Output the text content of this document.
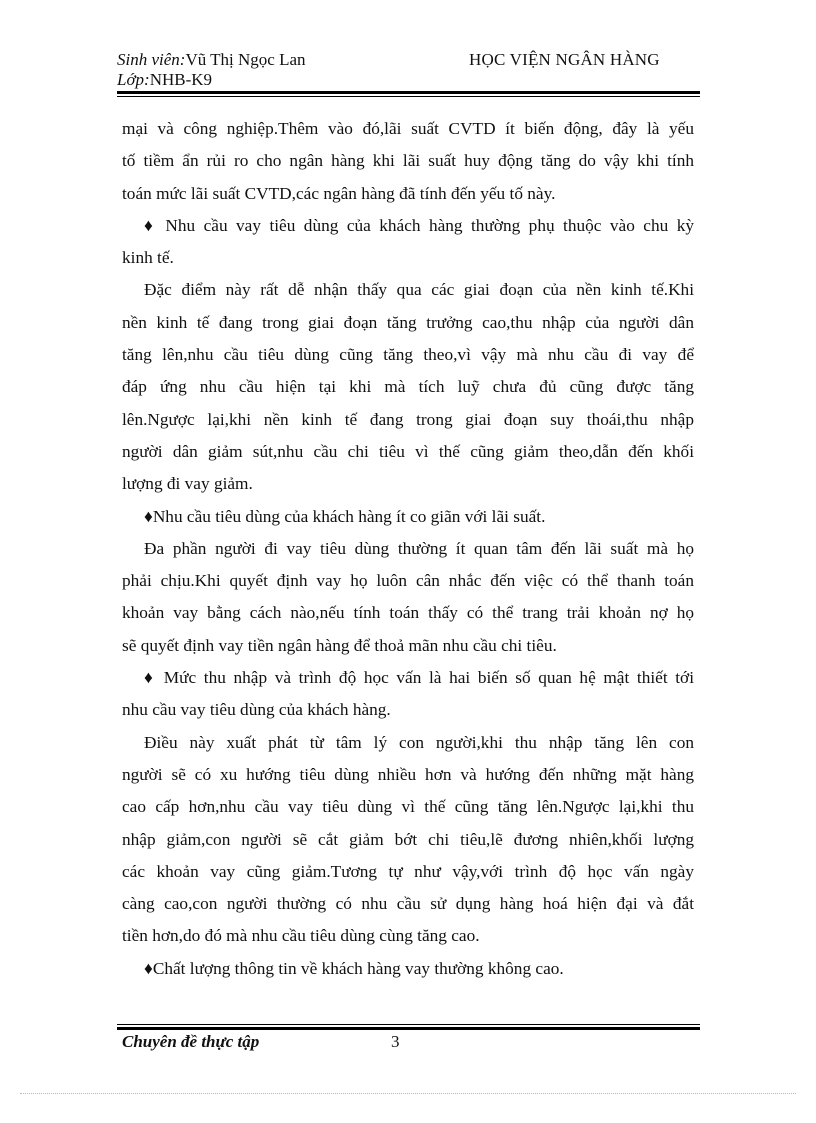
Sinh viên:Vũ Thị Ngọc Lan
Lớp:NHB-K9
HỌC VIỆN NGÂN HÀNG
mại và công nghiệp.Thêm vào đó,lãi suất CVTD ít biến động, đây là yếu
tố tiềm ẩn rủi ro cho ngân hàng khi lãi suất huy động tăng do vậy khi tính
toán mức lãi suất CVTD,các ngân hàng đã tính đến yếu tố này.
♦ Nhu cầu vay tiêu dùng của khách hàng thường phụ thuộc vào chu kỳ
kinh tế.
Đặc điểm này rất dễ nhận thấy qua các giai đoạn của nền kinh tế.Khi
nền kinh tế đang trong giai đoạn tăng trưởng cao,thu nhập của người dân
tăng lên,nhu cầu tiêu dùng cũng tăng theo,vì vậy mà nhu cầu đi vay để
đáp ứng nhu cầu hiện tại khi mà tích luỹ chưa đủ cũng được tăng
lên.Ngược lại,khi nền kinh tế đang trong giai đoạn suy thoái,thu nhập
người dân giảm sút,nhu cầu chi tiêu vì thế cũng giảm theo,dẫn đến khối
lượng đi vay giảm.
♦Nhu cầu tiêu dùng của khách hàng ít co giãn với lãi suất.
Đa phần người đi vay tiêu dùng thường ít quan tâm đến lãi suất mà họ
phải chịu.Khi quyết định vay họ luôn cân nhắc đến việc có thể thanh toán
khoản vay bằng cách nào,nếu tính toán thấy có thể trang trải khoản nợ họ
sẽ quyết định vay tiền ngân hàng để thoả mãn nhu cầu chi tiêu.
♦ Mức thu nhập và trình độ học vấn là hai biến số quan hệ mật thiết tới
nhu cầu vay tiêu dùng của khách hàng.
Điều này xuất phát từ tâm lý con người,khi thu nhập tăng lên con
người sẽ có xu hướng tiêu dùng nhiều hơn và hướng đến những mặt hàng
cao cấp hơn,nhu cầu vay tiêu dùng vì thế cũng tăng lên.Ngược lại,khi thu
nhập giảm,con người sẽ cắt giảm bớt chi tiêu,lẽ đương nhiên,khối lượng
các khoản vay cũng giảm.Tương tự như vậy,với trình độ học vấn ngày
càng cao,con người thường có nhu cầu sử dụng hàng hoá hiện đại và đắt
tiền hơn,do đó mà nhu cầu tiêu dùng cùng tăng cao.
♦Chất lượng thông tin về khách hàng vay thường không cao.
Chuyên đề thực tập	3
